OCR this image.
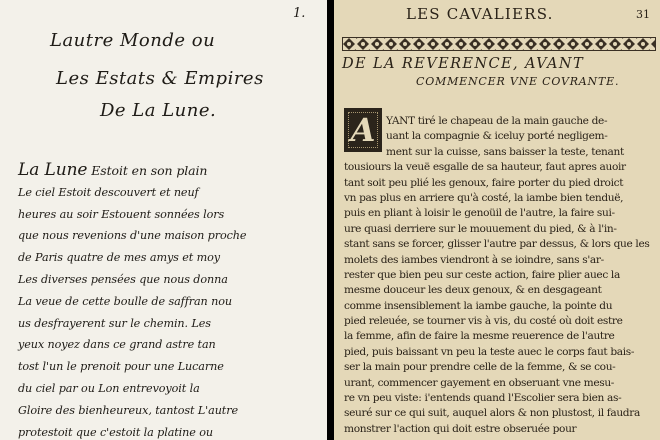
1.
Lautre Monde ou
Les Estats & Empires
De La Lune.
La Lune Estoit en son plain
Le ciel Estoit descouvert et neuf
heures au soir Estouent sonnées lors
que nous revenions d'une maison proche
de Paris quatre de mes amys et moy
Les diverses pensées que nous donna
La veue de cette boulle de saffran nou
us desfrayerent sur le chemin. Les
yeux noyez dans ce grand astre tan
tost l'un le prenoit pour une Lucarne
du ciel par ou Lon entrevoyoit la
Gloire des bienheureux, tantost L'autre
protestoit que c'estoit la platine ou
LES CAVALIERS.	31
DE LA REVERENCE, AVANT
COMMENCER VNE COVRANTE.
A YANT tiré le chapeau de la main gauche de-
uant la compagnie & iceluy porté negligem-
ment sur la cuisse, sans baisser la teste, tenant
tousiours la veuë esgalle de sa hauteur, faut apres auoir
tant soit peu plié les genoux, faire porter du pied droict
vn pas plus en arriere qu'à costé, la iambe bien tenduë,
puis en pliant à loisir le genoüil de l'autre, la faire sui-
ure quasi derriere sur le mouuement du pied, & à l'in-
stant sans se forcer, glisser l'autre par dessus, & lors que les
molets des iambes viendront à se ioindre, sans s'ar-
rester que bien peu sur ceste action, faire plier auec la
mesme douceur les deux genoux, & en desgageant
comme insensiblement la iambe gauche, la pointe du
pied releuée, se tourner vis à vis, du costé où doit estre
la femme, afin de faire la mesme reuerence de l'autre
pied, puis baissant vn peu la teste auec le corps faut bais-
ser la main pour prendre celle de la femme, & se cou-
urant, commencer gayement en obseruant vne mesu-
re vn peu viste: i'entends quand l'Escolier sera bien as-
seuré sur ce qui suit, auquel alors & non plustost, il faudra
monstrer l'action qui doit estre obseruée pour
